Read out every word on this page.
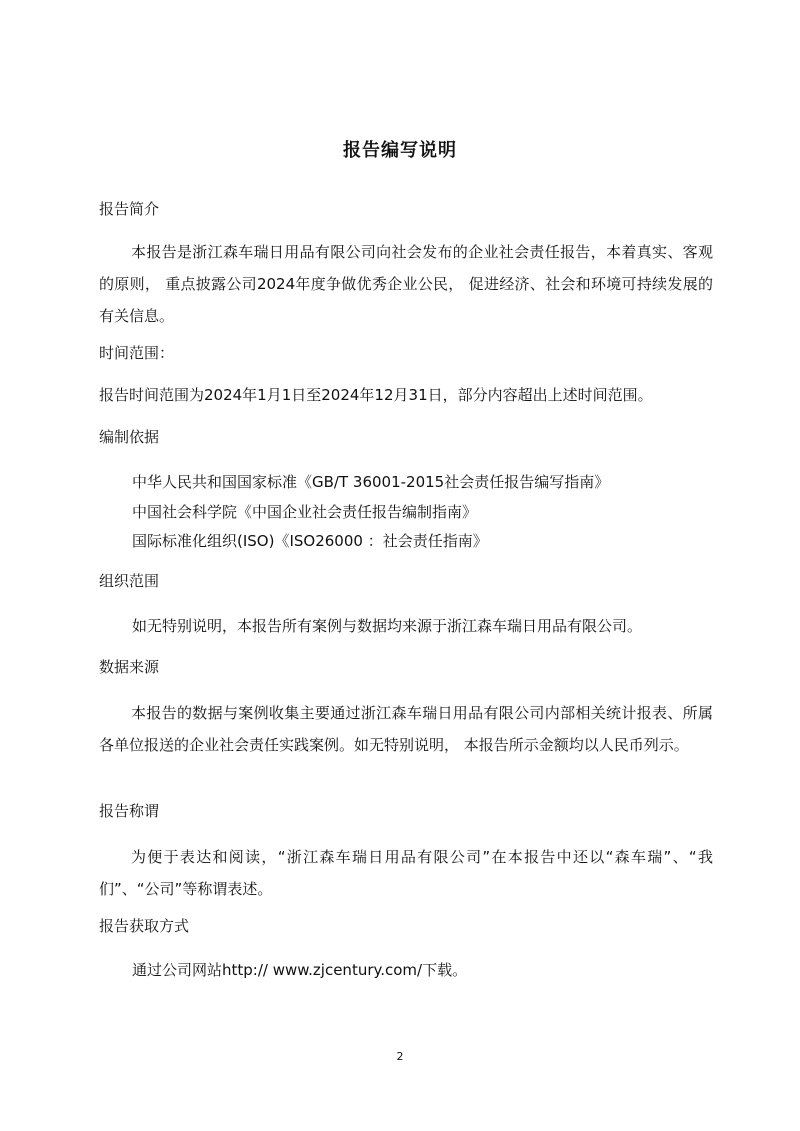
报告编写说明
报告简介
本报告是浙江森车瑞日用品有限公司向社会发布的企业社会责任报告，本着真实、客观的原则， 重点披露公司2024年度争做优秀企业公民， 促进经济、社会和环境可持续发展的有关信息。
时间范围：
报告时间范围为2024年1月1日至2024年12月31日，部分内容超出上述时间范围。
编制依据
中华人民共和国国家标准《GB/T 36001-2015社会责任报告编写指南》
中国社会科学院《中国企业社会责任报告编制指南》
国际标准化组织(ISO)《ISO26000 ：社会责任指南》
组织范围
如无特别说明，本报告所有案例与数据均来源于浙江森车瑞日用品有限公司。
数据来源
本报告的数据与案例收集主要通过浙江森车瑞日用品有限公司内部相关统计报表、所属各单位报送的企业社会责任实践案例。如无特别说明， 本报告所示金额均以人民币列示。
报告称谓
为便于表达和阅读，“浙江森车瑞日用品有限公司”在本报告中还以“森车瑞”、“我们”、“公司”等称谓表述。
报告获取方式
通过公司网站http:// www.zjcentury.com/下载。
2
